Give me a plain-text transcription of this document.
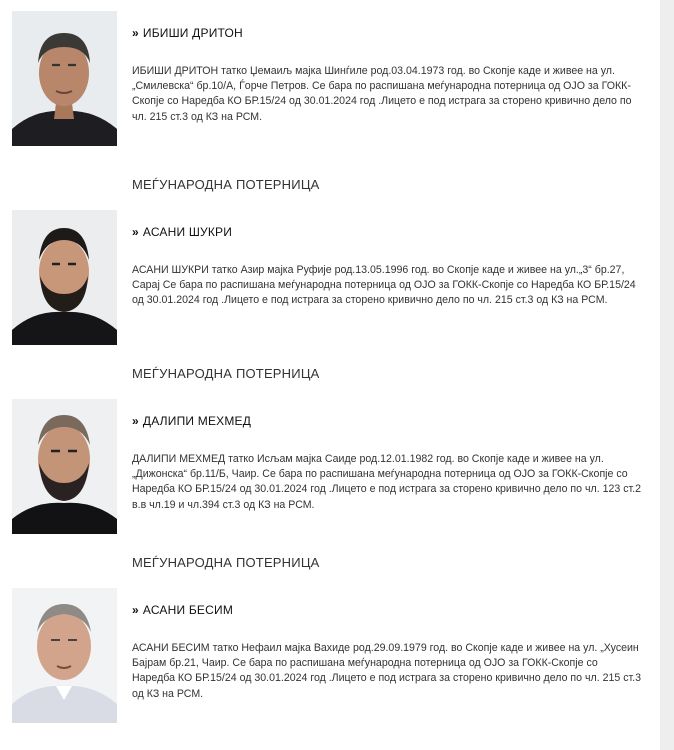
» ИБИШИ ДРИТОН
ИБИШИ ДРИТОН татко Џемаиљ мајка Шинѓиле род.03.04.1973 год. во Скопје каде и живее на ул.„Смилевска“ бр.10/А, Ѓорче Петров. Се бара по распишана меѓународна потерница од ОЈО за ГОКК-Скопје со Наредба КО БР.15/24 од 30.01.2024 год .Лицето е под истрага за сторено кривично дело по чл. 215 ст.3 од КЗ на РСМ.
МЕЃУНАРОДНА ПОТЕРНИЦА
» АСАНИ ШУКРИ
АСАНИ ШУКРИ татко Азир мајка Руфије род.13.05.1996 год. во Скопје каде и живее на ул.„3“ бр.27, Сарај Се бара по распишана меѓународна потерница од ОЈО за ГОКК-Скопје со Наредба КО БР.15/24 од 30.01.2024 год .Лицето е под истрага за сторено кривично дело по чл. 215 ст.3 од КЗ на РСМ.
МЕЃУНАРОДНА ПОТЕРНИЦА
» ДАЛИПИ МЕХМЕД
ДАЛИПИ МЕХМЕД татко Исљам мајка Саиде род.12.01.1982 год. во Скопје каде и живее на ул.„Дижонска“ бр.11/Б, Чаир. Се бара по распишана меѓународна потерница од ОЈО за ГОКК-Скопје со Наредба КО БР.15/24 од 30.01.2024 год .Лицето е под истрага за сторено кривично дело по чл. 123 ст.2 в.в чл.19 и чл.394 ст.3 од КЗ на РСМ.
МЕЃУНАРОДНА ПОТЕРНИЦА
» АСАНИ БЕСИМ
АСАНИ БЕСИМ татко Нефаил мајка Вахиде род.29.09.1979 год. во Скопје каде и живее на ул. „Хусеин Бајрам бр.21, Чаир. Се бара по распишана меѓународна потерница од ОЈО за ГОКК-Скопје со Наредба КО БР.15/24 од 30.01.2024 год .Лицето е под истрага за сторено кривично дело по чл. 215 ст.3 од КЗ на РСМ.
